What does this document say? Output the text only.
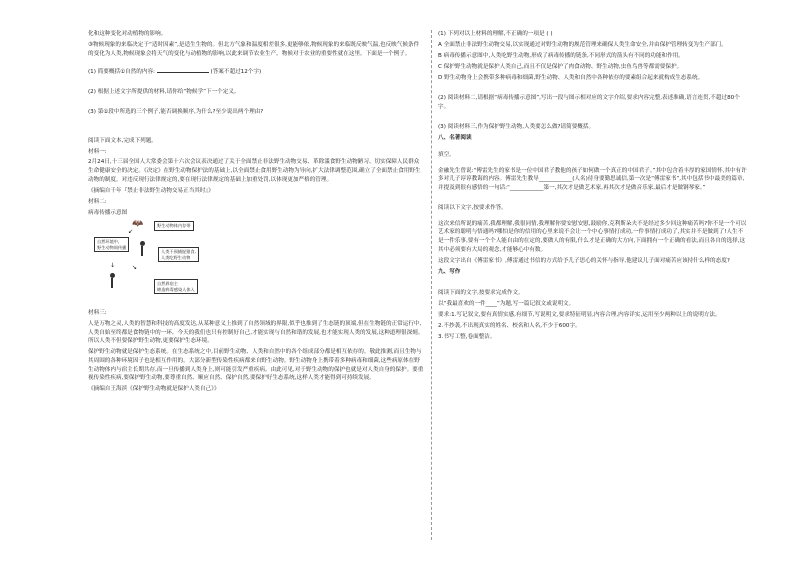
化和这种变化对动植物的影响。

③物候现象的来临决定于“适时因素”,是适生生物的。但北方气象和温度相差很多,更能够依,物候现象的来临既反映气温,也反映气候条件的变化为人类,物候现象会将天气的变化与动植物的影响,以此来调节农业生产。物候对于农业的重要性就在这里。下面是一个例子。

(1) 简要概括①自然的内容:	(答案不超过12个字)

(2) 根据上述文字所提供的材料,请你给“物候学”下一个定义。

(3) 第①段中所选的三个例子,能否调换顺序,为什么?至少说出两个理由?

阅读下面文本,完成下列题。

材料一:

2月24日,十三届全国人大常委会第十六次会议表决通过了关于全面禁止非法野生动物交易、革除滥食野生动物陋习、切实保障人民群众生命健康安全的决定。《决定》在野生动物保护法的基础上,以全面禁止食用野生动物为导向,扩大法律调整范围,确立了全面禁止食用野生动物的制度。对违反现行法律规定的,要在现行法律规定的基础上加重处罚,以体现更加严格的管理。

《摘编自千年『禁止非法野生动物交易正当其时』》

材料二:

病毒传播示意图

野生动物体内存带
🦇
↙
自然环境中,
野生动物间传播
人类干预捕捉猎食,
人类吃野生动物
↓	↘
自然界宿主
缔造病毒感染人体入

材料三:

人是万物之灵,人类的智慧和科技的高度发达,从某种意义上推到了自然领域的界限,似乎也推到了生态链的顶端,但在生物链的正常运行中,人类自始至终都是食物链中的一环。今天的我们也只有控制好自己,才能实现与自然和谐的发展,也才能实现人类的发展,这种道理很深刻。所以人类不但要保护野生动物,更要保护生态环境。

保护野生动物就是保护生态系统。在生态系统之中,目前野生动物、人类和自然中的各个组成部分都是相互依存的。敬此推测,而且生物与其周围的各种环境因子也是相互作用的。大部分新型传染性疾病都来自野生动物。野生动物身上携带着多种病毒和细菌,这些病原体在野生动物体内与宿主长期共存,而一旦传播到人类身上,则可能引发严重疾病。由此可见,对于野生动物的保护也就是对人类自身的保护。要重视传染性疾病,要保护野生动物,要尊重自然、顺应自然、保护自然,要保护好生态系统,这样人类才能得到可持续发展。

《摘编自王海滨《保护野生动物就是保护人类自己》》

(1) 下列对以上材料的理解,不正确的一项是 ( )

A 全面禁止非法野生动物交易,以实现通过对野生动物的规范管理来确保人类生命安全,并由保护管理转变为生产部门。

B 病毒传播示意图中,人类吃野生动物,形成了病毒传播的链条,不同形式的箭头有不同的功能和作用。

C 保护野生动物就是保护人类自己,而且不仅是保护了肉食动物、野生动物,虫鱼鸟兽等都需要保护。

D 野生动物身上会携带多种病毒和细菌,野生动物、人类和自然中各种依存的要素组合起来就构成生态系统。

(2) 阅读材料二,请根据“病毒传播示意图”,写出一段与图示相对应的文字介绍,要求内容完整,表述准确,语言连贯,不超过80个字。

(3) 阅读材料三,作为保护野生动物,人类要怎么做?请简要概括。

八、名著阅读

填空。

金融先生曾说:“傅雷先生的家书是一位中国君子教他的孩子如何做一个真正的中国君子。”其中包含着丰厚的家国情怀,其中有许多对儿子谆谆教诲的内容。傅雷先生教导____________(人名)待身要勤思诚信,第一次是“傅雷家书”,其中包括书中最美的篇章,并提及到很有感悟的一句话:“____________第一,其次才是做艺术家,再其次才是做音乐家,最后才是做钢琴家。”

阅读以下文字,按要求作答。

这次来信所说的痛苦,我都理解,我很同情,我理解你要安慰安慰,鼓励你,克利斯朵夫不是经过多少回这种痛苦吗?你不是一个可以艺术家的聪明与悟通吗?哪怕是你的信用的心里来说不会让一个中心事情打成功,一件事情打成功了,其实并不是做到了!人生不是一件乐事,要有一个个人能自由的在定的,要做人的有限,什么才是正确的大方向,下面拥有一个正确的看法,而且各自的选择,这其中必须要有大局的观念,才能够心中有数。

这段文字出自《傅雷家书》,傅雷通过书信的方式给予儿子思心的关怀与指导,他建议儿子面对痛苦应该持什么样的态度?

九、写作

阅读下面的文字,按要求完成作文。

以“我最喜欢的一件____”为题,写一篇记叙文或说明文。

要求:1.写记叙文,要有真情实感,有细节,写说明文,要求特征明显,内容合理,内容详实,运用至少两种以上的说明方法。

2.不抄袭,不出现真实的姓名、校名和人名,不少于600字。

3.书写工整,卷面整洁。
